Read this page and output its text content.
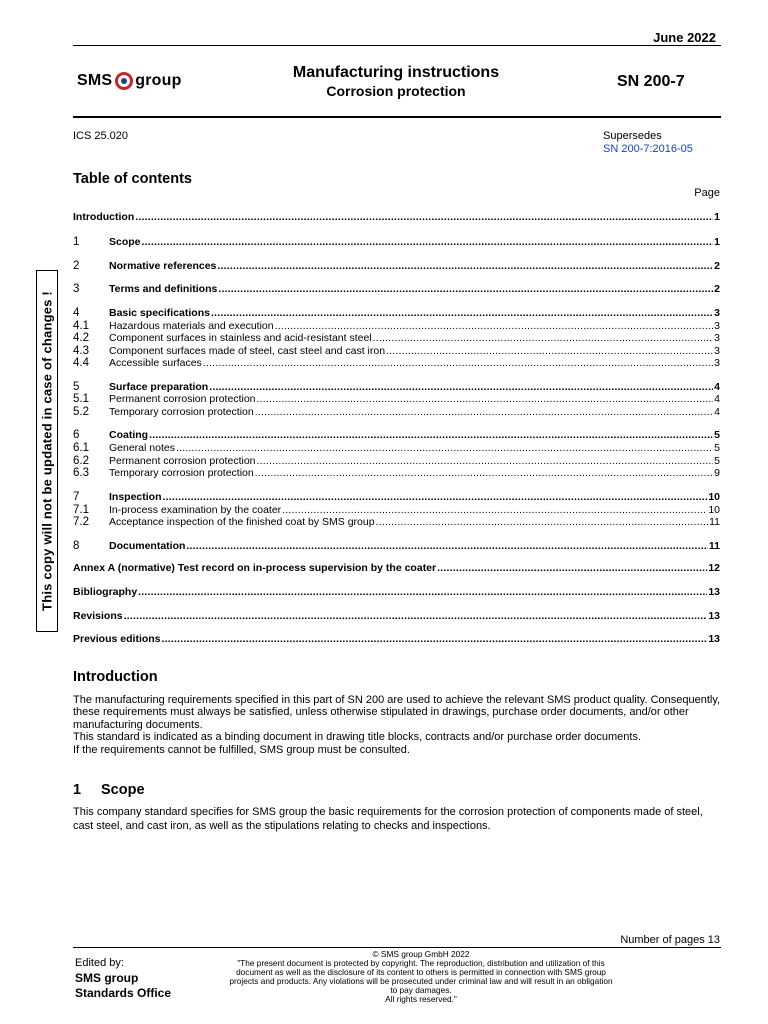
June 2022
SMS group	Manufacturing instructions
Corrosion protection
SN 200-7
ICS 25.020	Supersedes
SN 200-7:2016-05
This copy will not be updated in case of changes !
Table of contents
Page
Introduction .....	1
1	Scope .....	1
2	Normative references .....	2
3	Terms and definitions .....	2
4	Basic specifications .....	3
4.1	Hazardous materials and execution .....	3
4.2	Component surfaces in stainless and acid-resistant steel .....	3
4.3	Component surfaces made of steel, cast steel and cast iron .....	3
4.4	Accessible surfaces .....	3
5	Surface preparation .....	4
5.1	Permanent corrosion protection .....	4
5.2	Temporary corrosion protection .....	4
6	Coating .....	5
6.1	General notes .....	5
6.2	Permanent corrosion protection .....	5
6.3	Temporary corrosion protection .....	9
7	Inspection .....	10
7.1	In-process examination by the coater .....	10
7.2	Acceptance inspection of the finished coat by SMS group .....	11
8	Documentation .....	11
Annex A (normative) Test record on in-process supervision by the coater .....	12
Bibliography .....	13
Revisions .....	13
Previous editions .....	13
Introduction

The manufacturing requirements specified in this part of SN 200 are used to achieve the relevant SMS product quality. Consequently, these requirements must always be satisfied, unless otherwise stipulated in drawings, purchase order documents, and/or other manufacturing documents.

This standard is indicated as a binding document in drawing title blocks, contracts and/or purchase order documents.

If the requirements cannot be fulfilled, SMS group must be consulted.

1	Scope
This company standard specifies for SMS group the basic requirements for the corrosion protection of components made of steel, cast steel, and cast iron, as well as the stipulations relating to checks and inspections.
Number of pages 13
Edited by:
SMS group
Standards Office
© SMS group GmbH 2022
"The present document is protected by copyright. The reproduction, distribution and utilization of this
document as well as the disclosure of its content to others is permitted in connection with SMS group
projects and products. Any violations will be prosecuted under criminal law and will result in an obligation
to pay damages.
All rights reserved."
